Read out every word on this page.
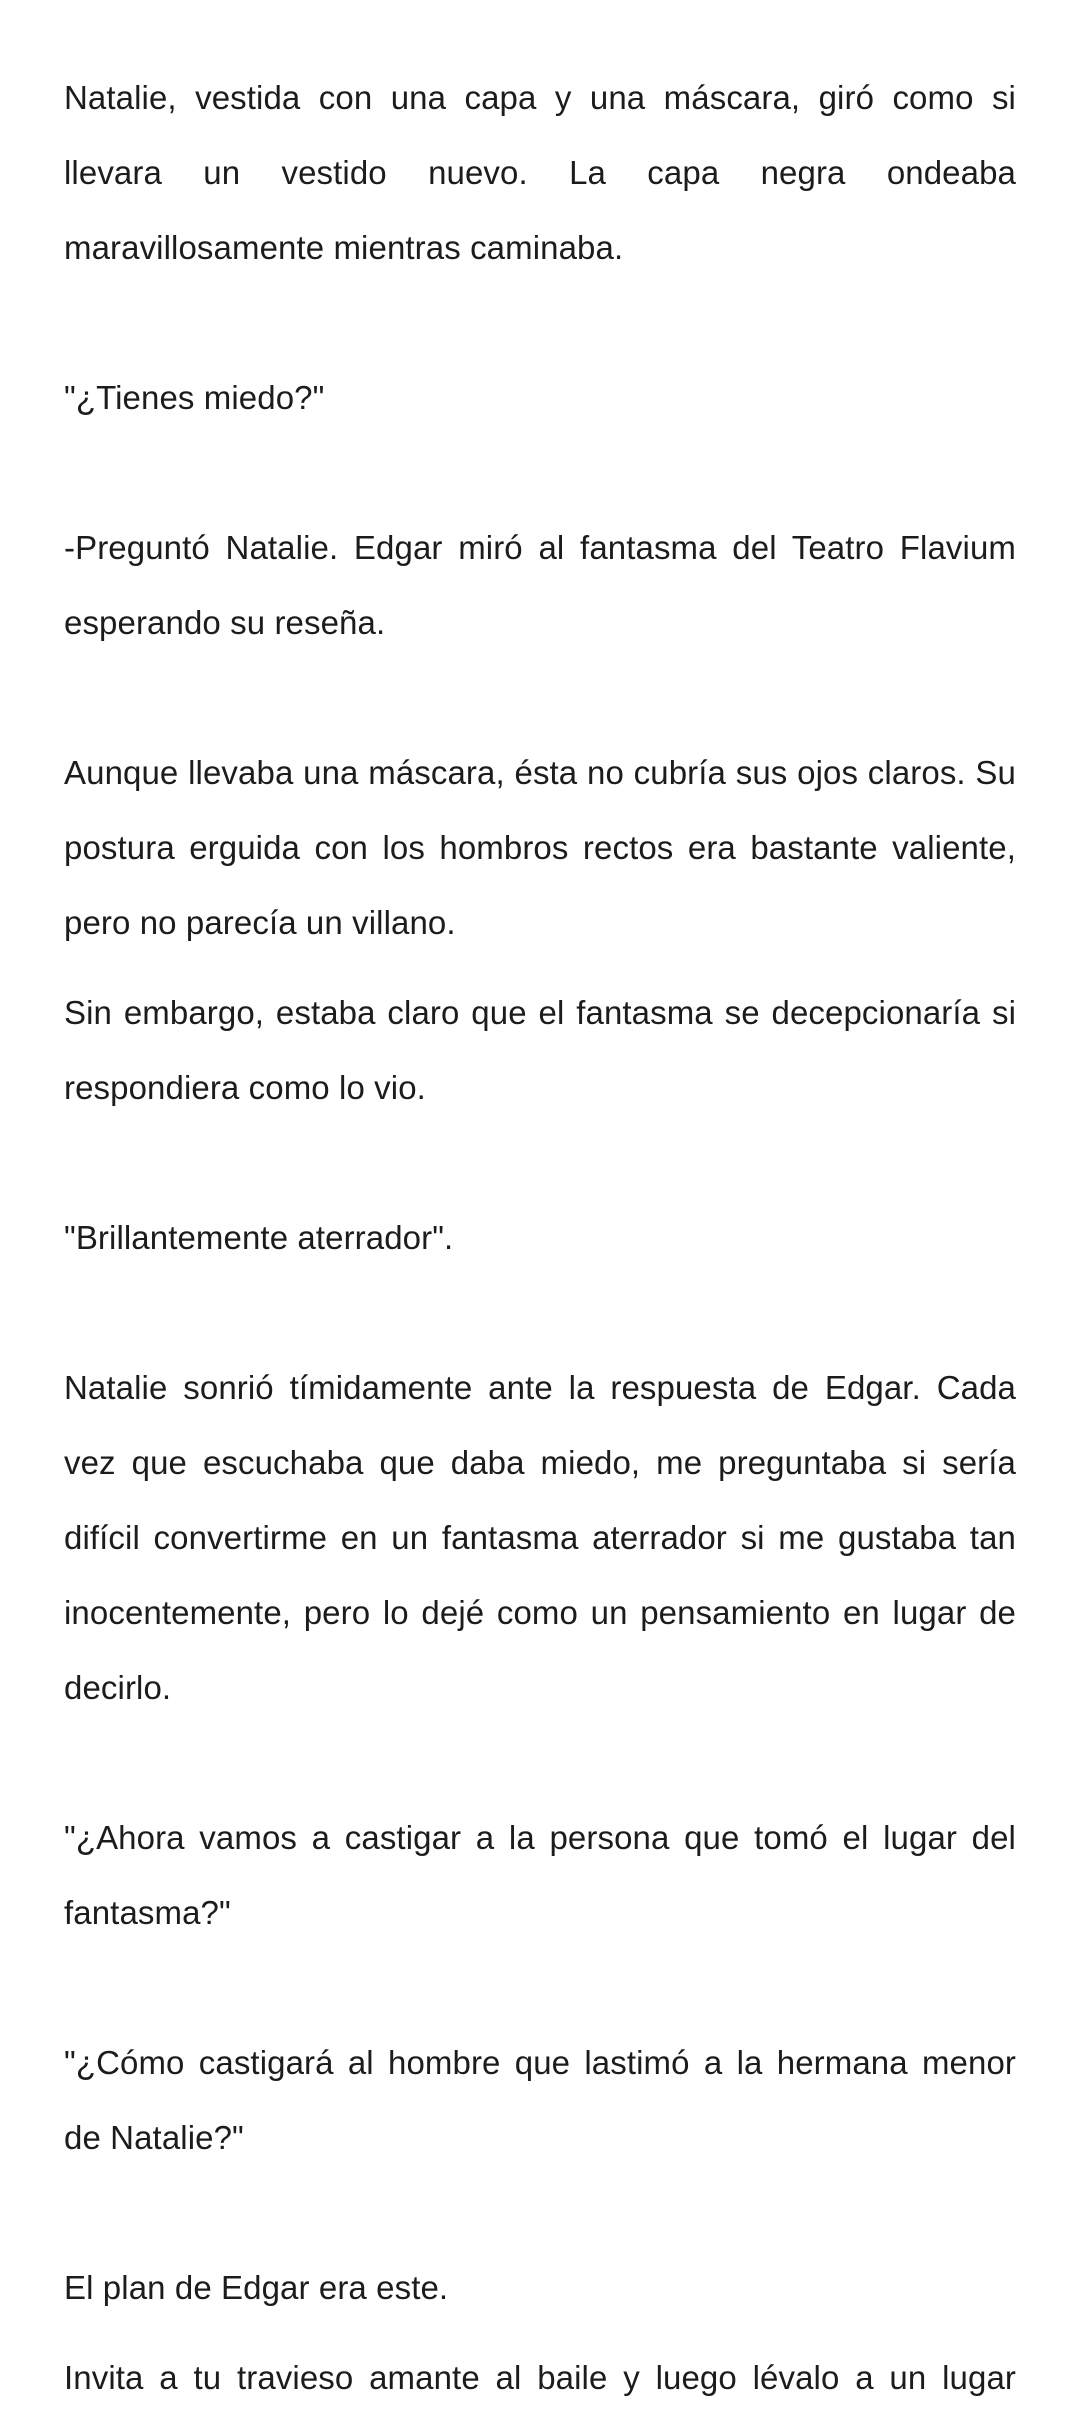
Natalie, vestida con una capa y una máscara, giró como si llevara un vestido nuevo. La capa negra ondeaba maravillosamente mientras caminaba.

"¿Tienes miedo?"

-Preguntó Natalie. Edgar miró al fantasma del Teatro Flavium esperando su reseña.

Aunque llevaba una máscara, ésta no cubría sus ojos claros. Su postura erguida con los hombros rectos era bastante valiente, pero no parecía un villano.

Sin embargo, estaba claro que el fantasma se decepcionaría si respondiera como lo vio.

"Brillantemente aterrador".

Natalie sonrió tímidamente ante la respuesta de Edgar. Cada vez que escuchaba que daba miedo, me preguntaba si sería difícil convertirme en un fantasma aterrador si me gustaba tan inocentemente, pero lo dejé como un pensamiento en lugar de decirlo.

"¿Ahora vamos a castigar a la persona que tomó el lugar del fantasma?"

"¿Cómo castigará al hombre que lastimó a la hermana menor de Natalie?"

El plan de Edgar era este.

Invita a tu travieso amante al baile y luego lévalo a un lugar
